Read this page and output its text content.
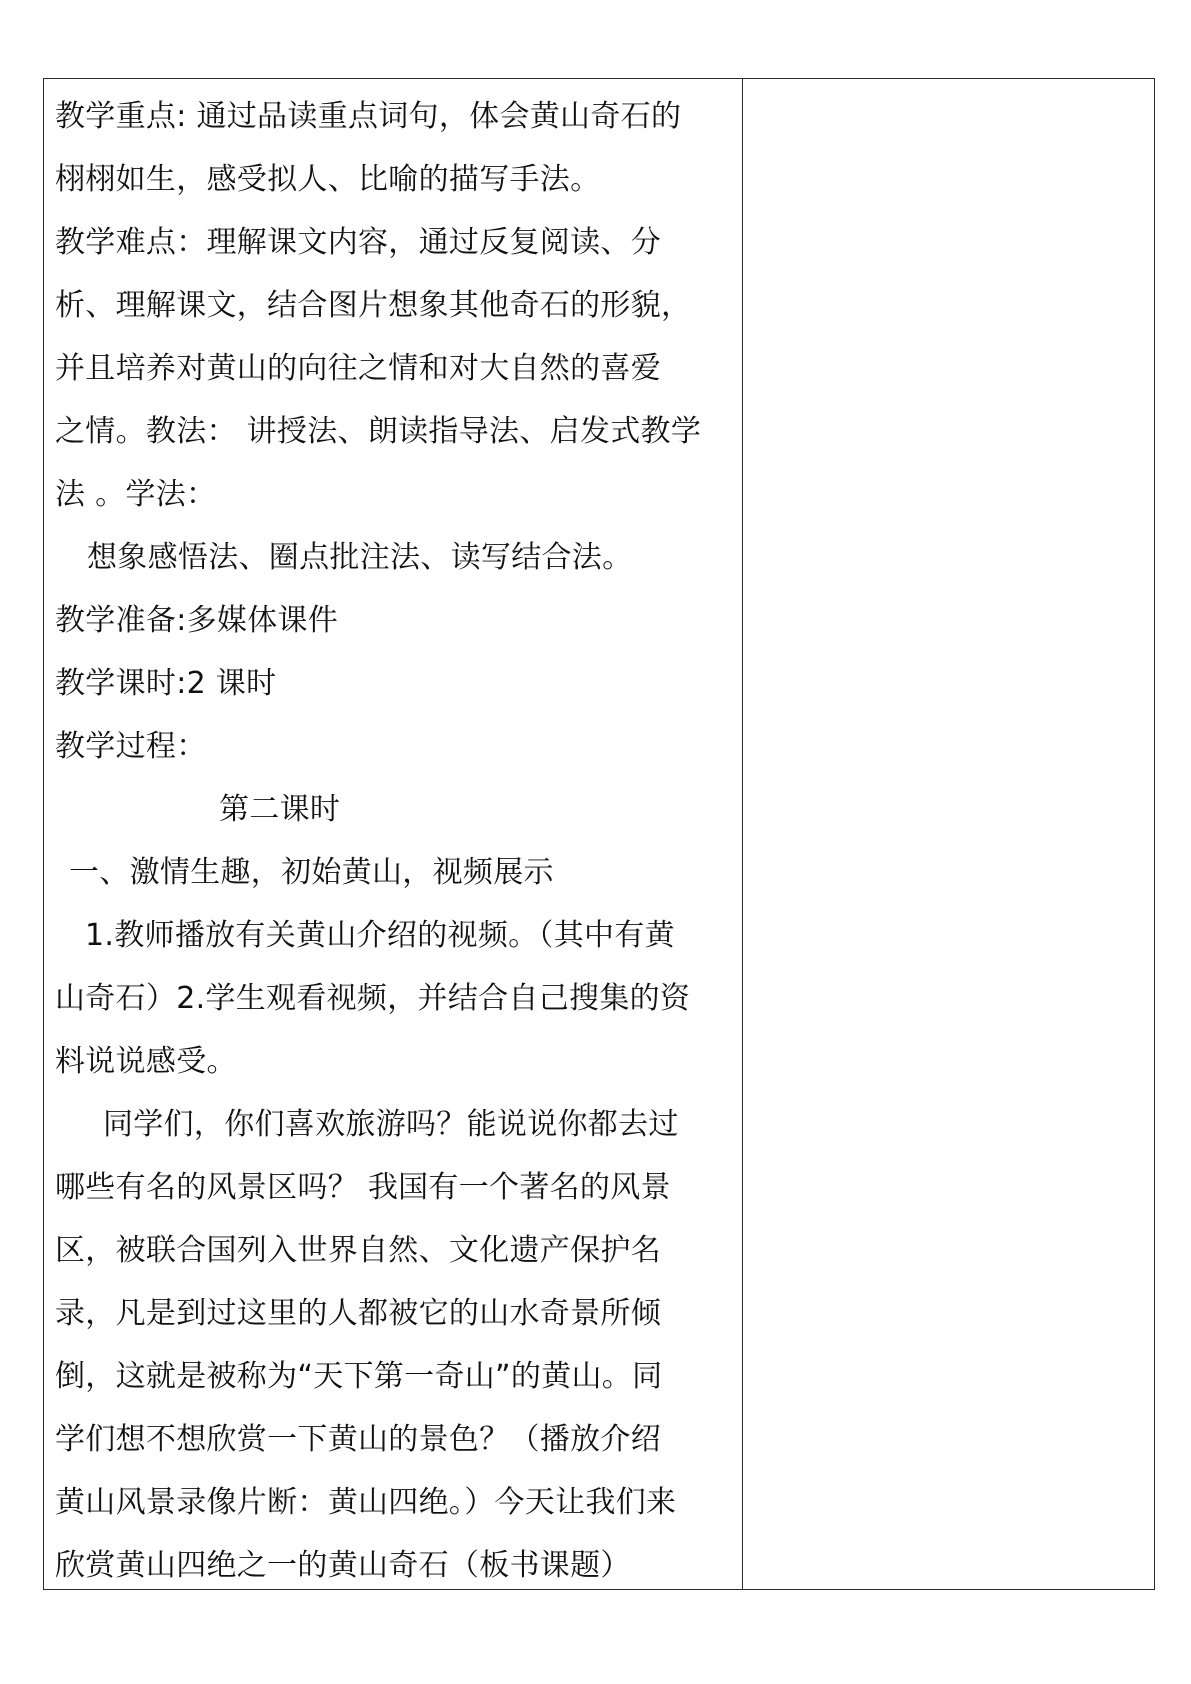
教学重点: 通过品读重点词句，体会黄山奇石的
栩栩如生，感受拟人、比喻的描写手法。
教学难点：理解课文内容，通过反复阅读、分
析、理解课文，结合图片想象其他奇石的形貌，
并且培养对黄山的向往之情和对大自然的喜爱
之情。教法： 讲授法、朗读指导法、启发式教学
法 。学法：
想象感悟法、圈点批注法、读写结合法。
教学准备:多媒体课件
教学课时:2 课时
教学过程：
第二课时
一、激情生趣，初始黄山，视频展示
1.教师播放有关黄山介绍的视频。（其中有黄
山奇石）2.学生观看视频，并结合自己搜集的资
料说说感受。
同学们，你们喜欢旅游吗？能说说你都去过
哪些有名的风景区吗？ 我国有一个著名的风景
区，被联合国列入世界自然、文化遗产保护名
录，凡是到过这里的人都被它的山水奇景所倾
倒，这就是被称为“天下第一奇山”的黄山。同
学们想不想欣赏一下黄山的景色？（播放介绍
黄山风景录像片断：黄山四绝。）今天让我们来
欣赏黄山四绝之一的黄山奇石（板书课题）
